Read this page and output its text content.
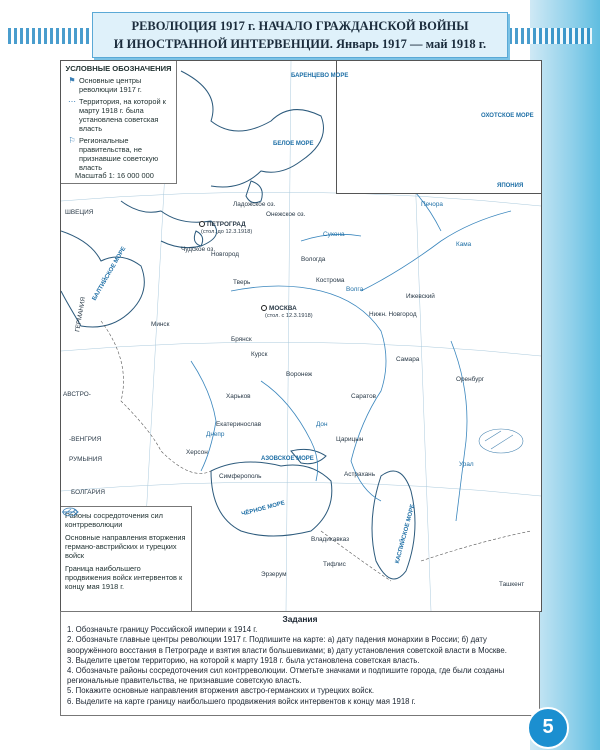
РЕВОЛЮЦИЯ 1917 г. НАЧАЛО ГРАЖДАНСКОЙ ВОЙНЫ
И ИНОСТРАННОЙ ИНТЕРВЕНЦИИ. Январь 1917 — май 1918 г.
УСЛОВНЫЕ ОБОЗНАЧЕНИЯ
⚑ Основные центры революции 1917 г.
⋯ Территория, на которой к марту 1918 г. была установлена советская власть
⚐ Региональные правительства, не признавшие советскую власть
Масштаб 1: 16 000 000
БАРЕНЦЕВО МОРЕ
БЕЛОЕ МОРЕ
БАЛТИЙСКОЕ МОРЕ
ЧЁРНОЕ МОРЕ
АЗОВСКОЕ МОРЕ
КАСПИЙСКОЕ МОРЕ
ОХОТСКОЕ МОРЕ
ЯПОНИЯ
ШВЕЦИЯ
ГЕРМАНИЯ
АВСТРО-
-ВЕНГРИЯ
РУМЫНИЯ
БОЛГАРИЯ
Чудское оз.
Ладожское оз.
Онежское оз.
ПЕТРОГРАД
(стол. до 12.3.1918)
МОСКВА
(стол. с 12.3.1918)
Новгород
Вологда
Тверь	Кострома
Ижевский
Нижн. Новгород
Минск
Брянск
Курск
Воронеж
Самара
Оренбург
Саратов
Харьков
Екатеринослав
Херсон
Царицын
Симферополь	Астрахань
Владикавказ
Эрзерум
Ташкент
Тифлис
Волга
Кама
Дон
Днепр
Урал
Сухона
Печора
Районы сосредоточения сил контрреволюции
Основные направления вторжения германо-австрийских и турецких войск
Граница наибольшего продвижения войск интервентов к концу мая 1918 г.
Задания
1. Обозначьте границу Российской империи к 1914 г.
2. Обозначьте главные центры революции 1917 г. Подпишите на карте: а) дату падения монархии в России; б) дату вооружённого восстания в Петрограде и взятия власти большевиками; в) дату установления советской власти в Москве.
3. Выделите цветом территорию, на которой к марту 1918 г. была установлена советская власть.
4. Обозначьте районы сосредоточения сил контрреволюции. Отметьте значками и подпишите города, где были созданы региональные правительства, не признавшие советскую власть.
5. Покажите основные направления вторжения австро-германских и турецких войск.
6. Выделите на карте границу наибольшего продвижения войск интервентов к концу мая 1918 г.
5
